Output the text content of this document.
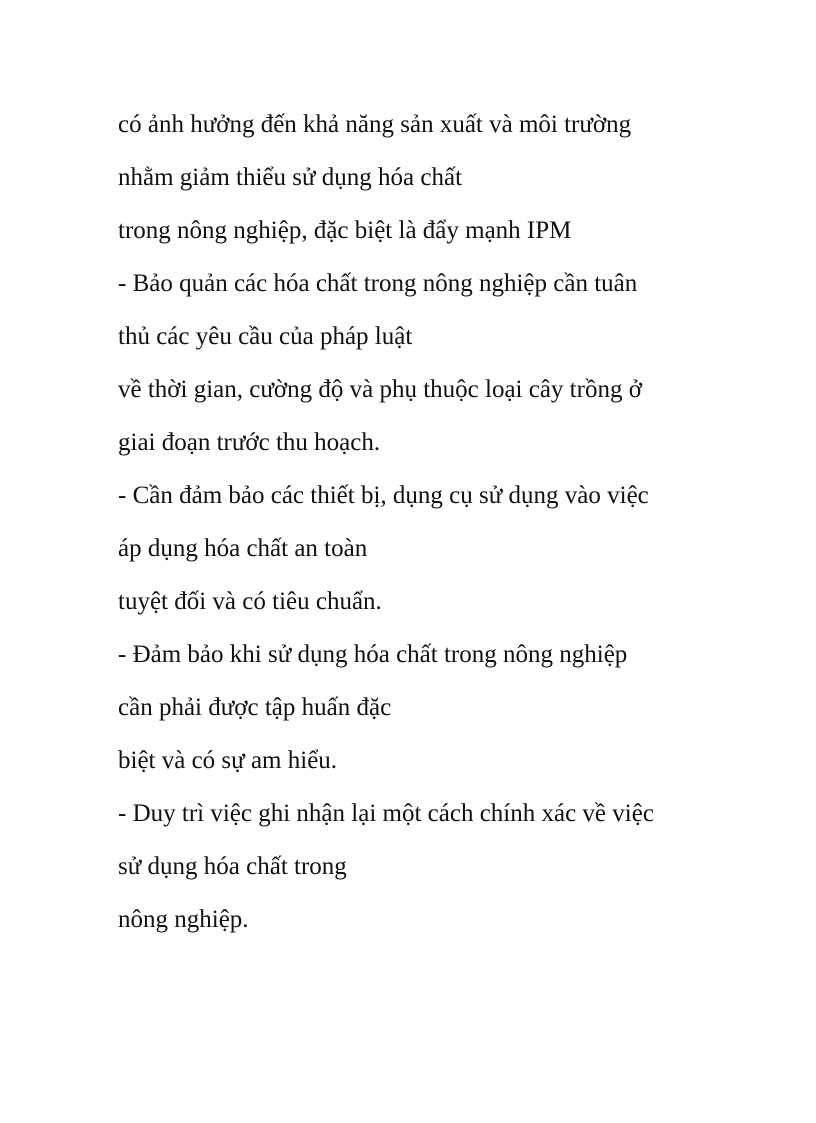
có ảnh hưởng đến khả năng sản xuất và môi trường
nhằm giảm thiểu sử dụng hóa chất
trong nông nghiệp, đặc biệt là đẩy mạnh IPM
- Bảo quản các hóa chất trong nông nghiệp cần tuân
thủ các yêu cầu của pháp luật
về thời gian, cường độ và phụ thuộc loại cây trồng ở
giai đoạn trước thu hoạch.
- Cần đảm bảo các thiết bị, dụng cụ sử dụng vào việc
áp dụng hóa chất an toàn
tuyệt đối và có tiêu chuẩn.
- Đảm bảo khi sử dụng hóa chất trong nông nghiệp
cần phải được tập huấn đặc
biệt và có sự am hiểu.
- Duy trì việc ghi nhận lại một cách chính xác về việc
sử dụng hóa chất trong
nông nghiệp.
